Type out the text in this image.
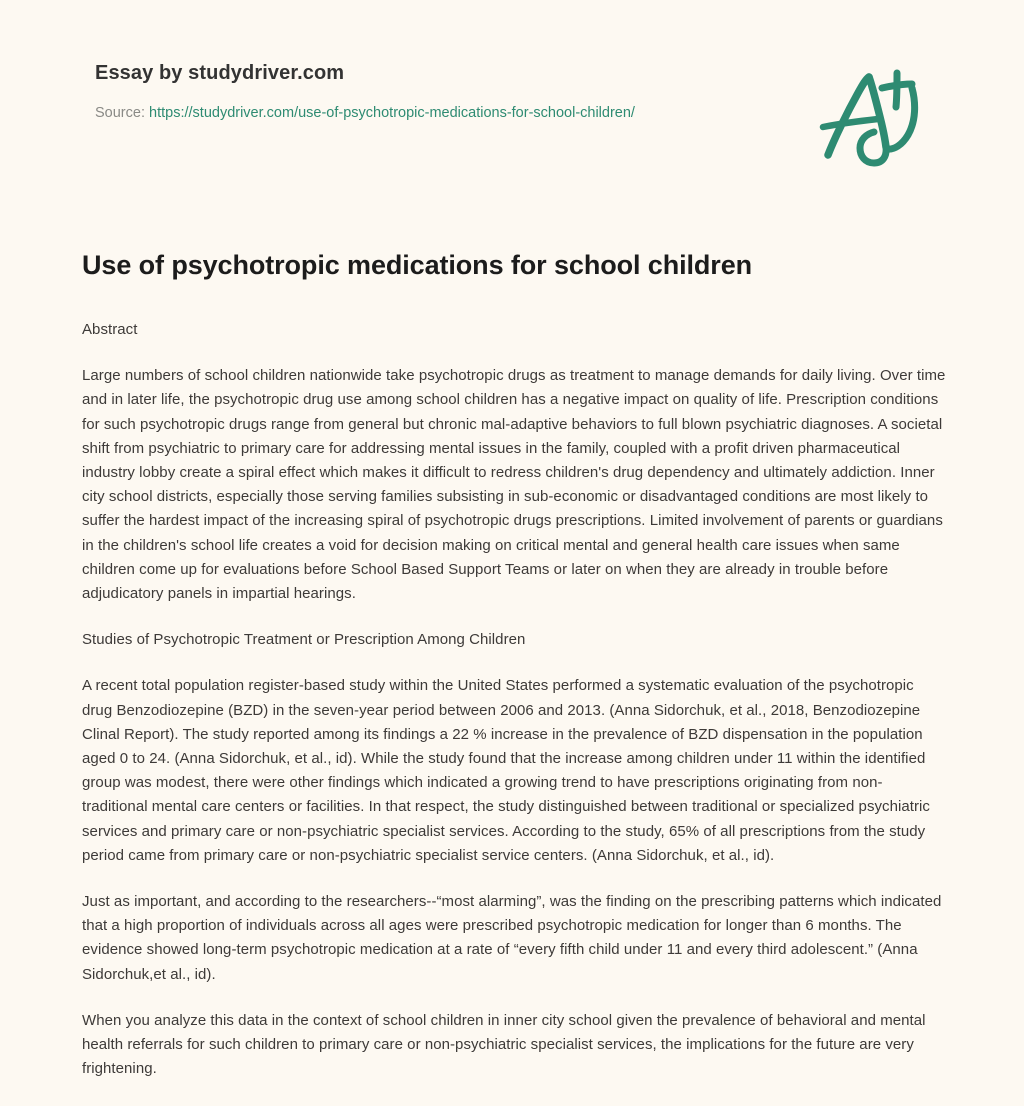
Essay by studydriver.com
Source: https://studydriver.com/use-of-psychotropic-medications-for-school-children/
Use of psychotropic medications for school children

Abstract

Large numbers of school children nationwide take psychotropic drugs as treatment to manage demands for daily living. Over time and in later life, the psychotropic drug use among school children has a negative impact on quality of life. Prescription conditions for such psychotropic drugs range from general but chronic mal-adaptive behaviors to full blown psychiatric diagnoses. A societal shift from psychiatric to primary care for addressing mental issues in the family, coupled with a profit driven pharmaceutical industry lobby create a spiral effect which makes it difficult to redress children's drug dependency and ultimately addiction. Inner city school districts, especially those serving families subsisting in sub-economic or disadvantaged conditions are most likely to suffer the hardest impact of the increasing spiral of psychotropic drugs prescriptions. Limited involvement of parents or guardians in the children's school life creates a void for decision making on critical mental and general health care issues when same children come up for evaluations before School Based Support Teams or later on when they are already in trouble before adjudicatory panels in impartial hearings.

Studies of Psychotropic Treatment or Prescription Among Children

A recent total population register-based study within the United States performed a systematic evaluation of the psychotropic drug Benzodiozepine (BZD) in the seven-year period between 2006 and 2013. (Anna Sidorchuk, et al., 2018, Benzodiozepine Clinal Report). The study reported among its findings a 22 % increase in the prevalence of BZD dispensation in the population aged 0 to 24. (Anna Sidorchuk, et al., id). While the study found that the increase among children under 11 within the identified group was modest, there were other findings which indicated a growing trend to have prescriptions originating from non-traditional mental care centers or facilities. In that respect, the study distinguished between traditional or specialized psychiatric services and primary care or non-psychiatric specialist services. According to the study, 65% of all prescriptions from the study period came from primary care or non-psychiatric specialist service centers. (Anna Sidorchuk, et al., id).

Just as important, and according to the researchers--“most alarming”, was the finding on the prescribing patterns which indicated that a high proportion of individuals across all ages were prescribed psychotropic medication for longer than 6 months. The evidence showed long-term psychotropic medication at a rate of “every fifth child under 11 and every third adolescent.” (Anna Sidorchuk,et al., id).

When you analyze this data in the context of school children in inner city school given the prevalence of behavioral and mental health referrals for such children to primary care or non-psychiatric specialist services, the implications for the future are very frightening.
